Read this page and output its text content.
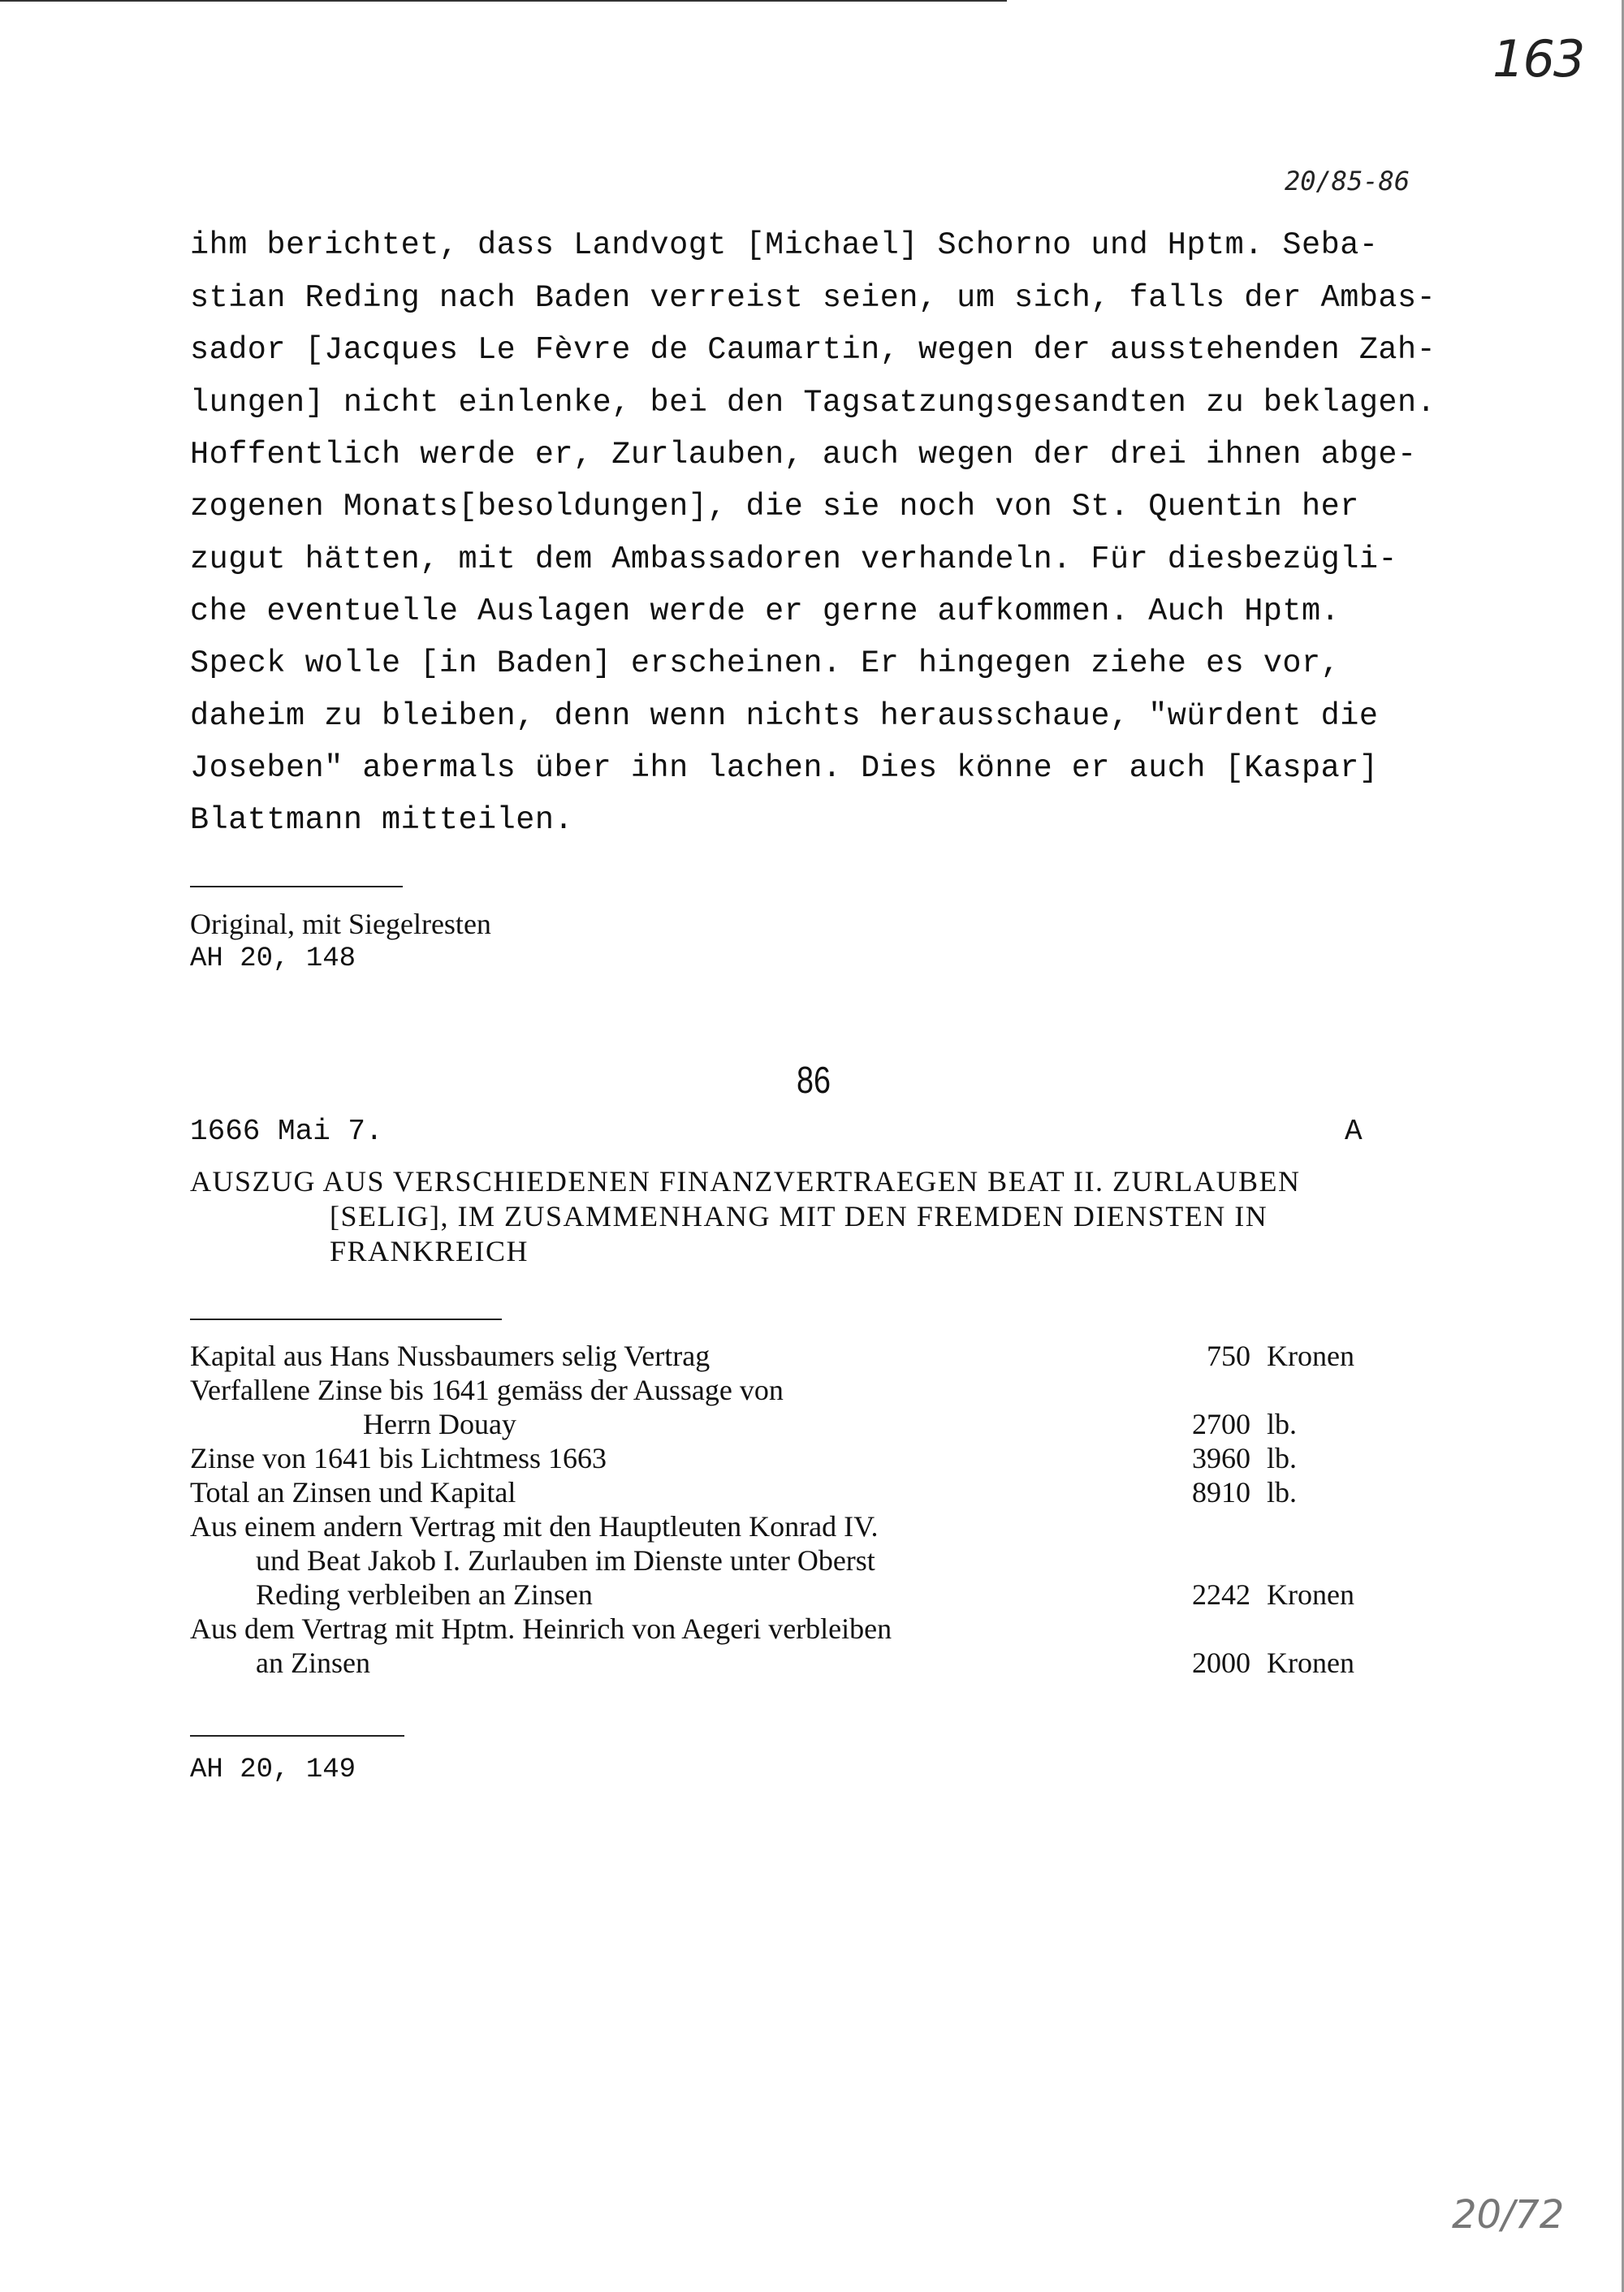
163
20/85-86

ihm berichtet, dass Landvogt [Michael] Schorno und Hptm. Seba-

stian Reding nach Baden verreist seien, um sich, falls der Ambas-

sador [Jacques Le Fèvre de Caumartin, wegen der ausstehenden Zah-

lungen] nicht einlenke, bei den Tagsatzungsgesandten zu beklagen.

Hoffentlich werde er, Zurlauben, auch wegen der drei ihnen abge-

zogenen Monats[besoldungen], die sie noch von St. Quentin her

zugut hätten, mit dem Ambassadoren verhandeln. Für diesbezügli-

che eventuelle Auslagen werde er gerne aufkommen. Auch Hptm.

Speck wolle [in Baden] erscheinen. Er hingegen ziehe es vor,

daheim zu bleiben, denn wenn nichts herausschaue, "würdent die

Joseben" abermals über ihn lachen. Dies könne er auch [Kaspar]

Blattmann mitteilen.

Original, mit Siegelresten

AH 20, 148

86
1666 Mai 7.	A

AUSZUG AUS VERSCHIEDENEN FINANZVERTRAEGEN BEAT II. ZURLAUBEN

[SELIG], IM ZUSAMMENHANG MIT DEN FREMDEN DIENSTEN IN

FRANKREICH

Kapital aus Hans Nussbaumers selig Vertrag	750 Kronen
Verfallene Zinse bis 1641 gemäss der Aussage von
Herrn Douay	2700 lb.
Zinse von 1641 bis Lichtmess 1663	3960 lb.
Total an Zinsen und Kapital	8910 lb.
Aus einem andern Vertrag mit den Hauptleuten Konrad IV.
und Beat Jakob I. Zurlauben im Dienste unter Oberst
Reding verbleiben an Zinsen	2242 Kronen
Aus dem Vertrag mit Hptm. Heinrich von Aegeri verbleiben
an Zinsen	2000 Kronen

AH 20, 149

20/72
